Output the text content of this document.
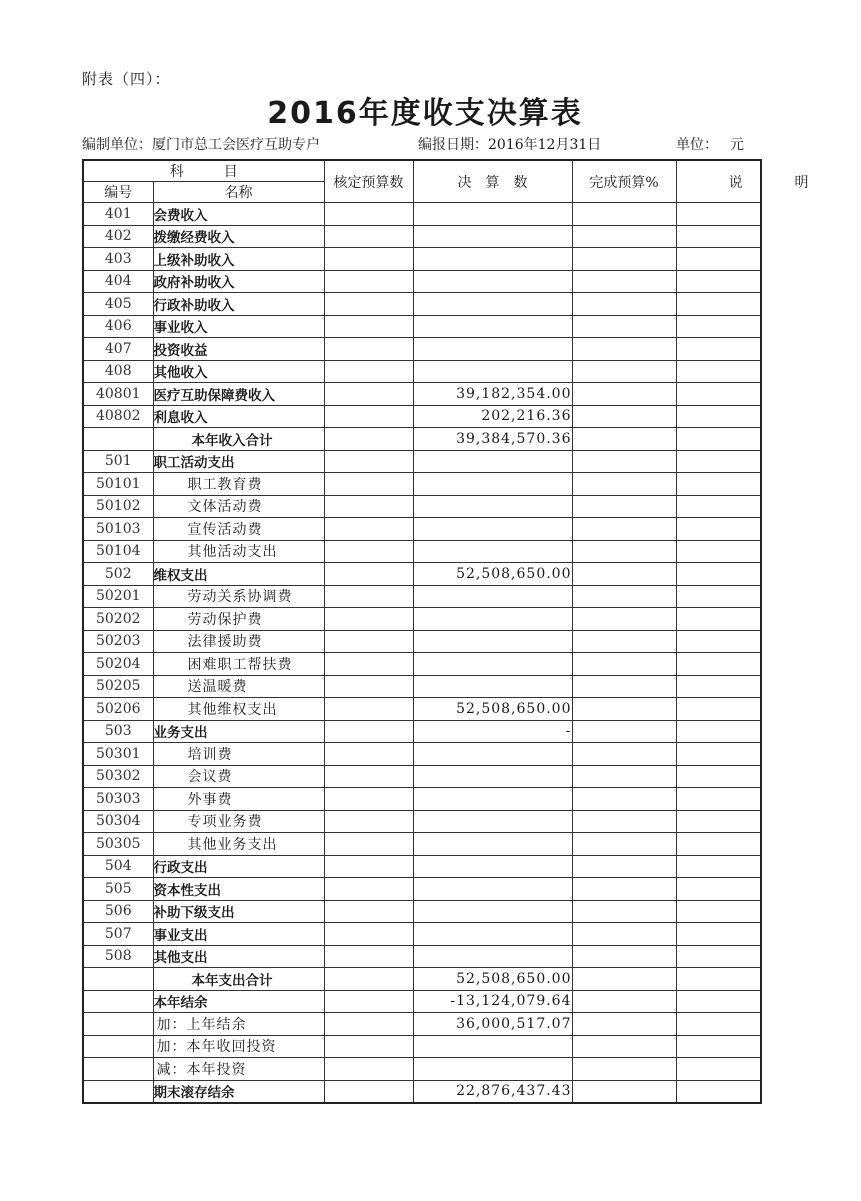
附表（四）：
2016年度收支决算表
编制单位：厦门市总工会医疗互助专户	编报日期：2016年12月31日	单位： 元
科目		核定预算数	决算数	完成预算%	说明
编号	名称				
401	会费收入				
402	拨缴经费收入				
403	上级补助收入				
404	政府补助收入				
405	行政补助收入				
406	事业收入				
407	投资收益				
408	其他收入				
40801	医疗互助保障费收入		39,182,354.00		
40802	利息收入		202,216.36		
	本年收入合计		39,384,570.36		
501	职工活动支出				
50101	职工教育费				
50102	文体活动费				
50103	宣传活动费				
50104	其他活动支出				
502	维权支出		52,508,650.00		
50201	劳动关系协调费				
50202	劳动保护费				
50203	法律援助费				
50204	困难职工帮扶费				
50205	送温暖费				
50206	其他维权支出		52,508,650.00		
503	业务支出		-		
50301	培训费				
50302	会议费				
50303	外事费				
50304	专项业务费				
50305	其他业务支出				
504	行政支出				
505	资本性支出				
506	补助下级支出				
507	事业支出				
508	其他支出				
	本年支出合计		52,508,650.00		
	本年结余		-13,124,079.64		
	加：上年结余		36,000,517.07		
	加：本年收回投资				
	减：本年投资				
	期末滚存结余		22,876,437.43		
